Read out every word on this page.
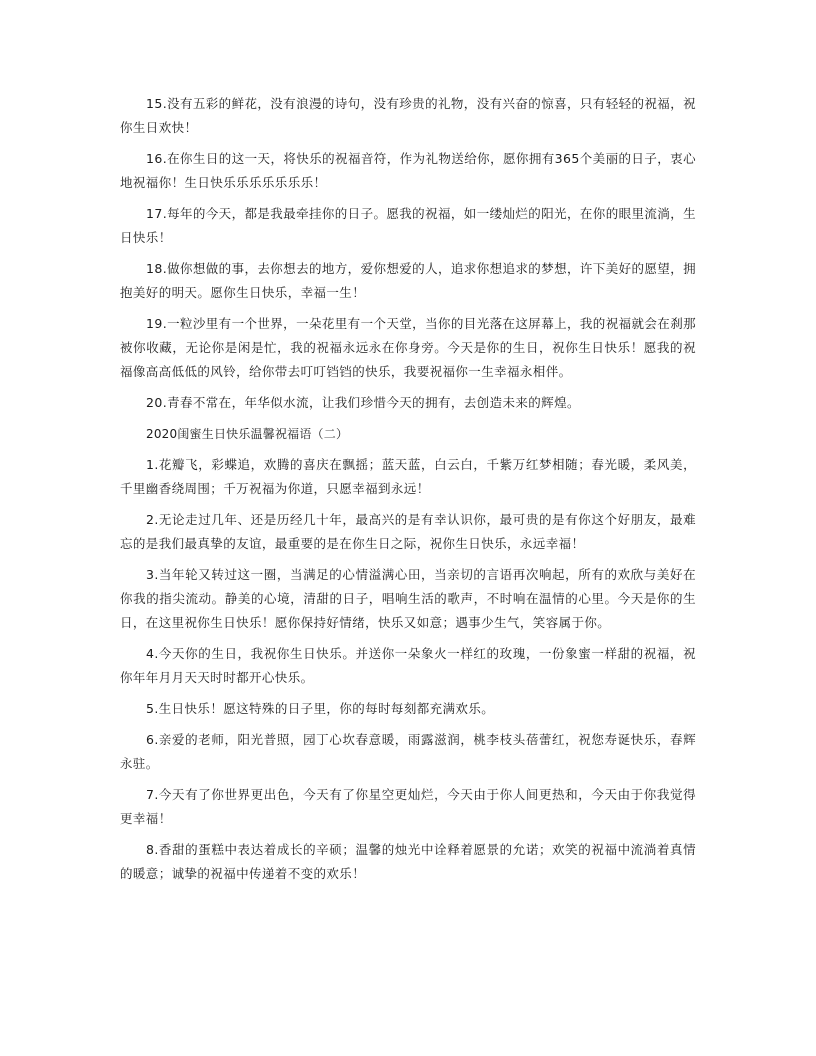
15.没有五彩的鲜花，没有浪漫的诗句，没有珍贵的礼物，没有兴奋的惊喜，只有轻轻的祝福，祝你生日欢快！

16.在你生日的这一天，将快乐的祝福音符，作为礼物送给你，愿你拥有365个美丽的日子，衷心地祝福你！生日快乐乐乐乐乐乐乐！

17.每年的今天，都是我最牵挂你的日子。愿我的祝福，如一缕灿烂的阳光，在你的眼里流淌，生日快乐！

18.做你想做的事，去你想去的地方，爱你想爱的人，追求你想追求的梦想，许下美好的愿望，拥抱美好的明天。愿你生日快乐，幸福一生！

19.一粒沙里有一个世界，一朵花里有一个天堂，当你的目光落在这屏幕上，我的祝福就会在刹那被你收藏，无论你是闲是忙，我的祝福永远永在你身旁。今天是你的生日，祝你生日快乐！愿我的祝福像高高低低的风铃，给你带去叮叮铛铛的快乐，我要祝福你一生幸福永相伴。

20.青春不常在，年华似水流，让我们珍惜今天的拥有，去创造未来的辉煌。

2020闺蜜生日快乐温馨祝福语（二）

1.花瓣飞，彩蝶追，欢腾的喜庆在飘摇；蓝天蓝，白云白，千紫万红梦相随；春光暖，柔风美，千里幽香绕周围；千万祝福为你道，只愿幸福到永远！

2.无论走过几年、还是历经几十年，最高兴的是有幸认识你，最可贵的是有你这个好朋友，最难忘的是我们最真挚的友谊，最重要的是在你生日之际，祝你生日快乐，永远幸福！

3.当年轮又转过这一圈，当满足的心情溢满心田，当亲切的言语再次响起，所有的欢欣与美好在你我的指尖流动。静美的心境，清甜的日子，唱响生活的歌声，不时响在温情的心里。今天是你的生日，在这里祝你生日快乐！愿你保持好情绪，快乐又如意；遇事少生气，笑容属于你。

4.今天你的生日，我祝你生日快乐。并送你一朵象火一样红的玫瑰，一份象蜜一样甜的祝福，祝你年年月月天天时时都开心快乐。

5.生日快乐！愿这特殊的日子里，你的每时每刻都充满欢乐。

6.亲爱的老师，阳光普照，园丁心坎春意暖，雨露滋润，桃李枝头蓓蕾红，祝您寿诞快乐，春辉永驻。

7.今天有了你世界更出色，今天有了你星空更灿烂，今天由于你人间更热和，今天由于你我觉得更幸福！

8.香甜的蛋糕中表达着成长的辛硕；温馨的烛光中诠释着愿景的允诺；欢笑的祝福中流淌着真情的暖意；诚挚的祝福中传递着不变的欢乐！
